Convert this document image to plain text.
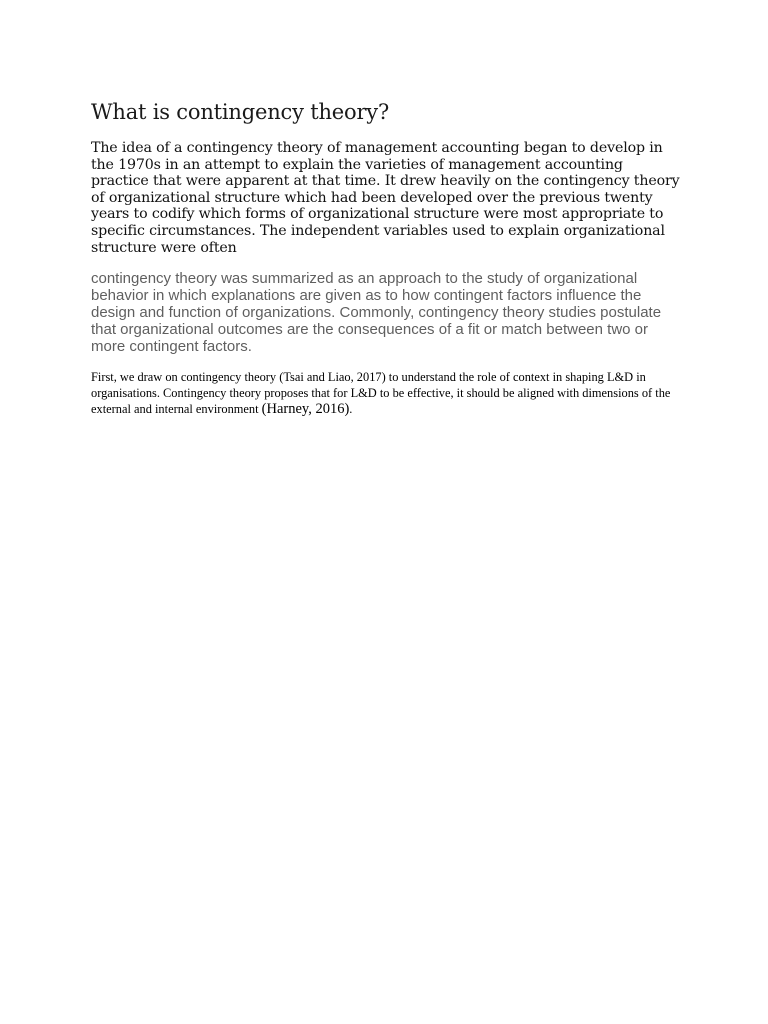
What is contingency theory?

The idea of a contingency theory of management accounting began to develop in the 1970s in an attempt to explain the varieties of management accounting practice that were apparent at that time. It drew heavily on the contingency theory of organizational structure which had been developed over the previous twenty years to codify which forms of organizational structure were most appropriate to specific circumstances. The independent variables used to explain organizational structure were often

contingency theory was summarized as an approach to the study of organizational behavior in which explanations are given as to how contingent factors influence the design and function of organizations. Commonly, contingency theory studies postulate that organizational outcomes are the consequences of a fit or match between two or more contingent factors.

First, we draw on contingency theory (Tsai and Liao, 2017) to understand the role of context in shaping L&D in organisations. Contingency theory proposes that for L&D to be effective, it should be aligned with dimensions of the external and internal environment (Harney, 2016).
